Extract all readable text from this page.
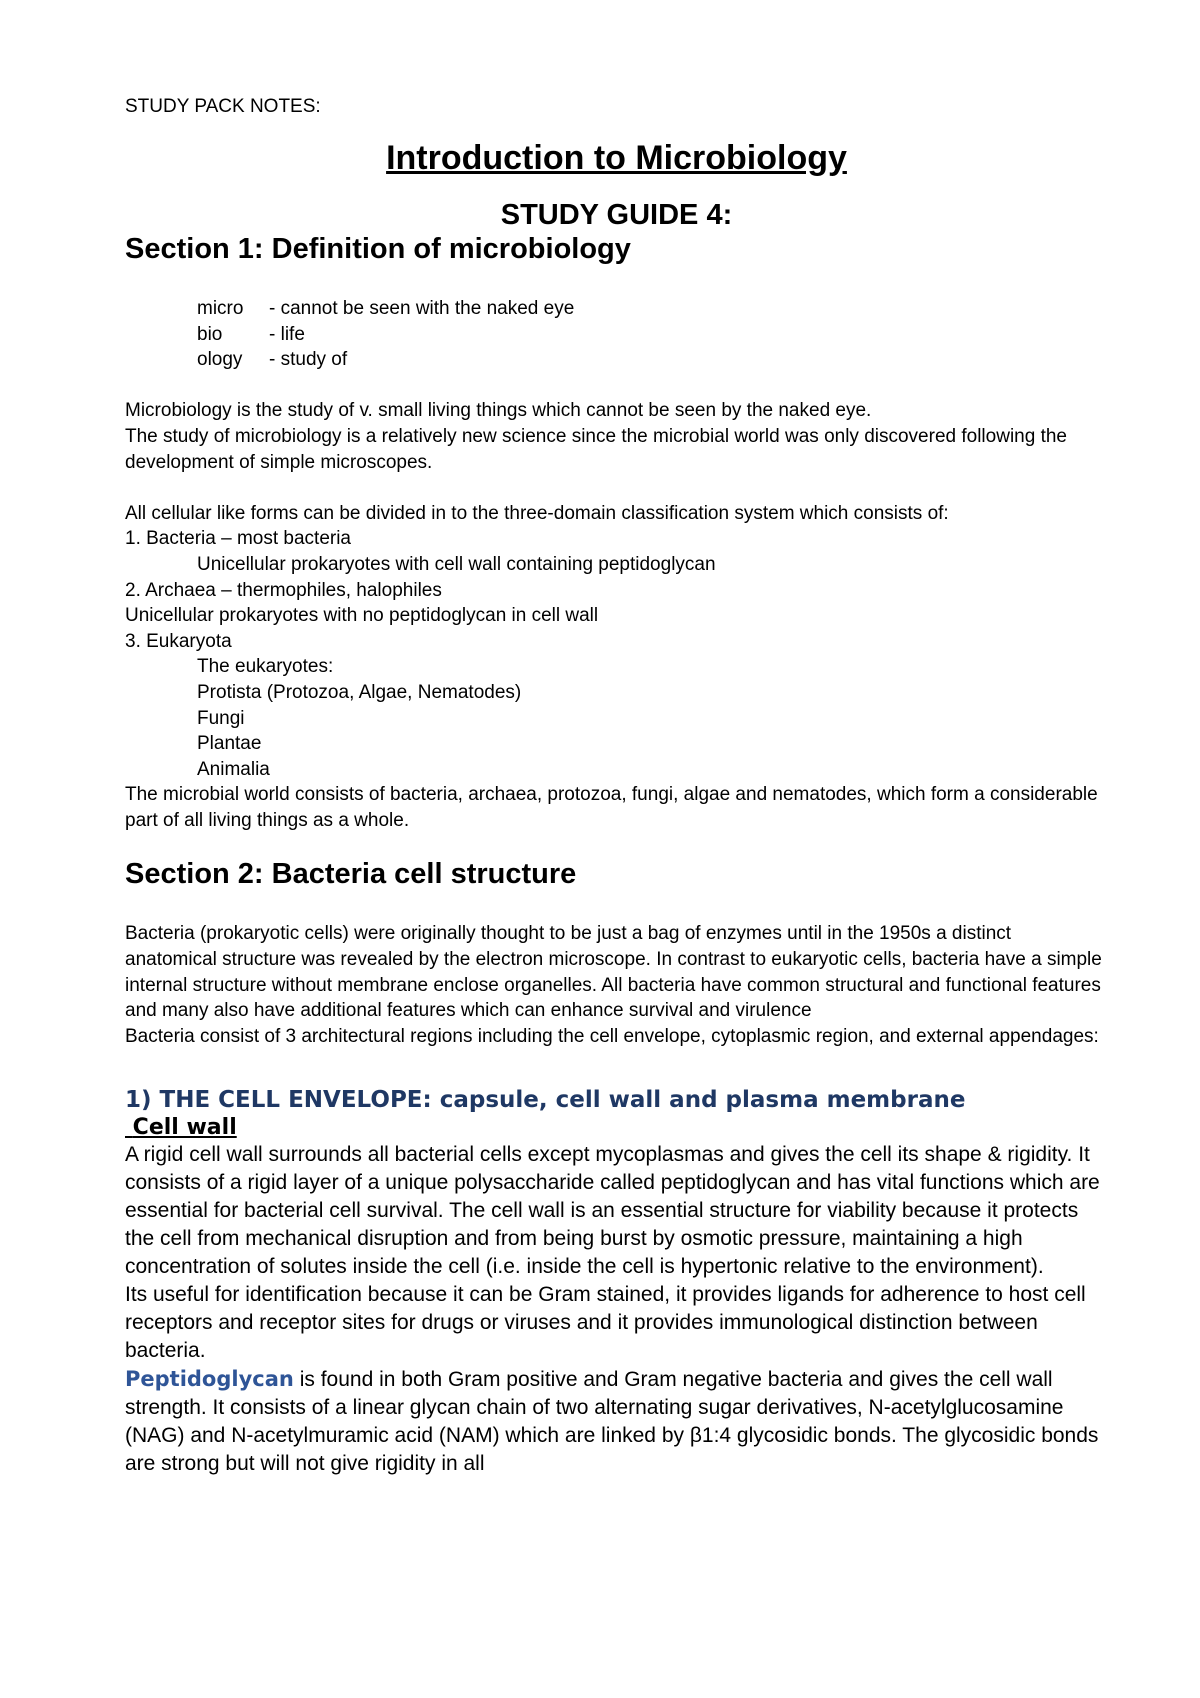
STUDY PACK NOTES:

Introduction to Microbiology
STUDY GUIDE 4:
Section 1: Definition of microbiology
micro	- cannot be seen with the naked eye
bio	- life
ology	- study of

Microbiology is the study of v. small living things which cannot be seen by the naked eye.

The study of microbiology is a relatively new science since the microbial world was only discovered following the development of simple microscopes.

All cellular like forms can be divided in to the three-domain classification system which consists of:

1. Bacteria – most bacteria

Unicellular prokaryotes with cell wall containing peptidoglycan

2. Archaea – thermophiles, halophiles

Unicellular prokaryotes with no peptidoglycan in cell wall

3. Eukaryota

The eukaryotes:

Protista (Protozoa, Algae, Nematodes)

Fungi

Plantae

Animalia

The microbial world consists of bacteria, archaea, protozoa, fungi, algae and nematodes, which form a considerable part of all living things as a whole.

Section 2: Bacteria cell structure

Bacteria (prokaryotic cells) were originally thought to be just a bag of enzymes until in the 1950s a distinct anatomical structure was revealed by the electron microscope. In contrast to eukaryotic cells, bacteria have a simple internal structure without membrane enclose organelles. All bacteria have common structural and functional features and many also have additional features which can enhance survival and virulence

Bacteria consist of 3 architectural regions including the cell envelope, cytoplasmic region, and external appendages:

1) THE CELL ENVELOPE: capsule, cell wall and plasma membrane
Cell wall

A rigid cell wall surrounds all bacterial cells except mycoplasmas and gives the cell its shape & rigidity. It consists of a rigid layer of a unique polysaccharide called peptidoglycan and has vital functions which are essential for bacterial cell survival. The cell wall is an essential structure for viability because it protects the cell from mechanical disruption and from being burst by osmotic pressure, maintaining a high concentration of solutes inside the cell (i.e. inside the cell is hypertonic relative to the environment).

Its useful for identification because it can be Gram stained, it provides ligands for adherence to host cell receptors and receptor sites for drugs or viruses and it provides immunological distinction between bacteria.

Peptidoglycan is found in both Gram positive and Gram negative bacteria and gives the cell wall strength. It consists of a linear glycan chain of two alternating sugar derivatives, N-acetylglucosamine (NAG) and N-acetylmuramic acid (NAM) which are linked by β1:4 glycosidic bonds. The glycosidic bonds are strong but will not give rigidity in all
